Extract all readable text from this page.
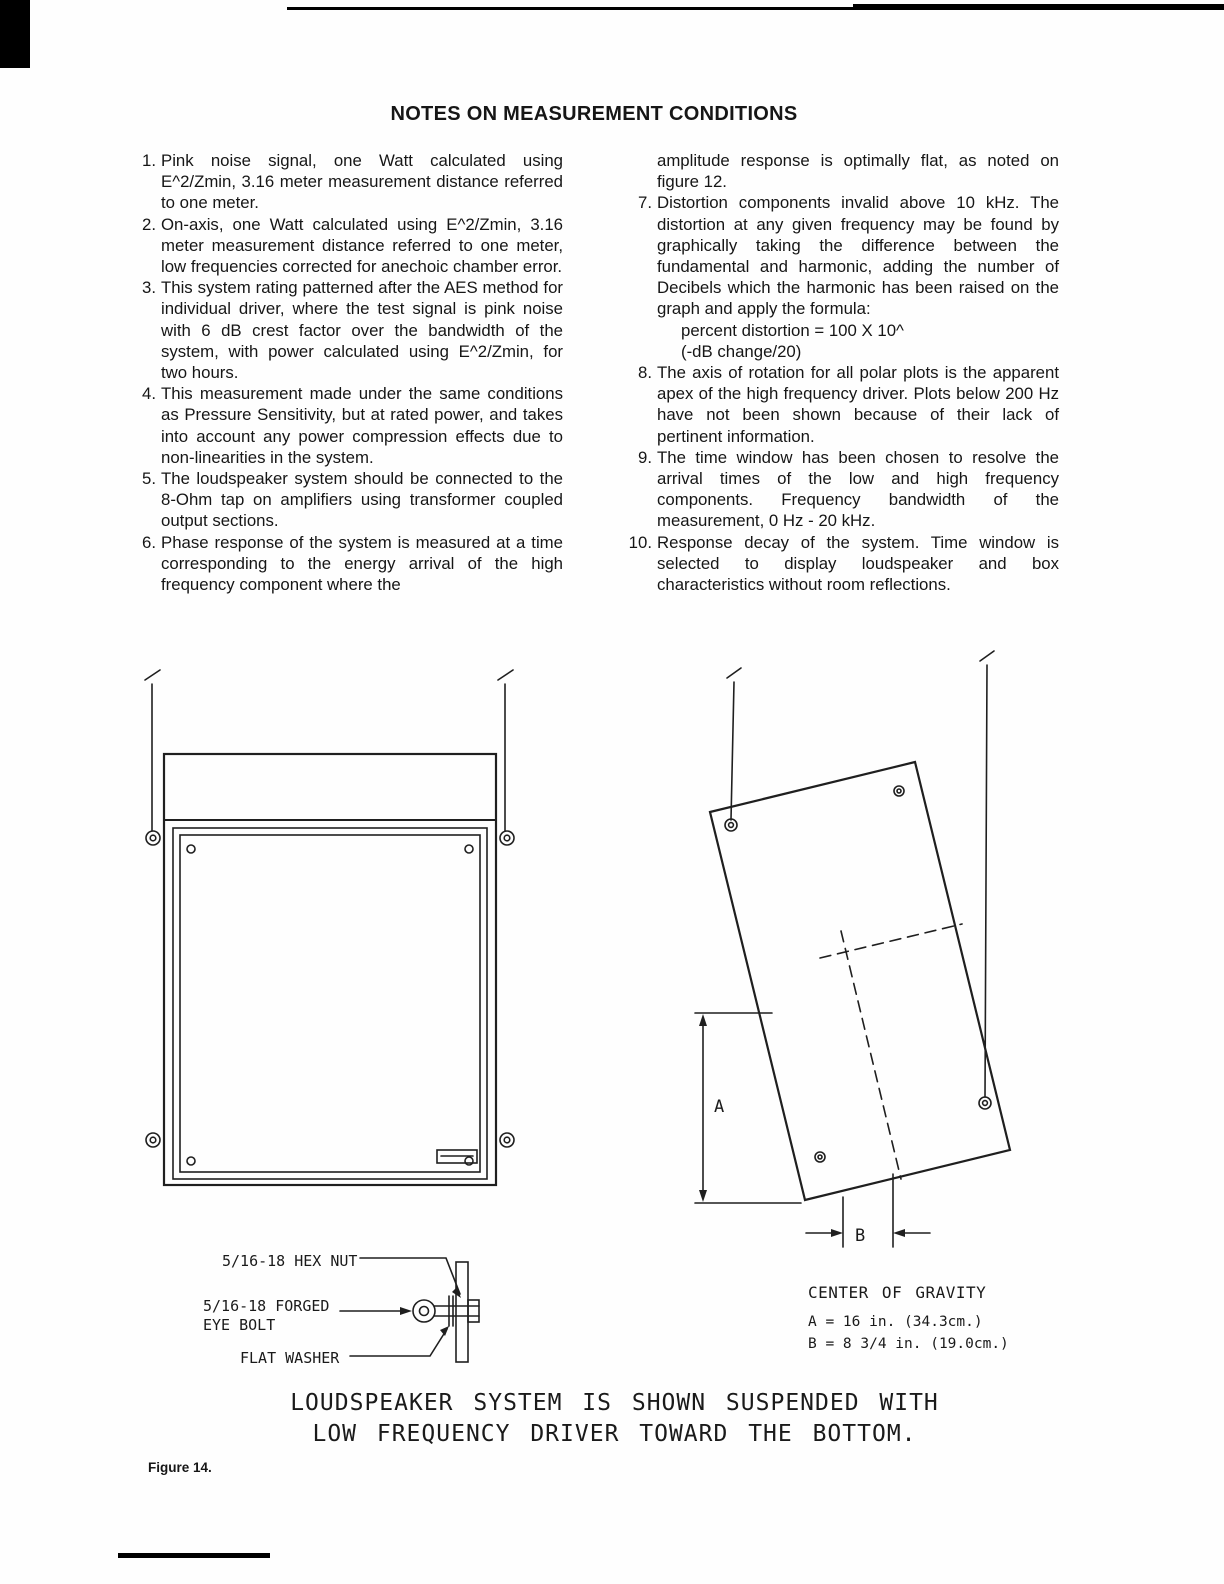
NOTES ON MEASUREMENT CONDITIONS
1. Pink noise signal, one Watt calculated using E^2/Zmin, 3.16 meter measurement distance referred to one meter.
2. On-axis, one Watt calculated using E^2/Zmin, 3.16 meter measurement distance referred to one meter, low frequencies corrected for anechoic chamber error.
3. This system rating patterned after the AES method for individual driver, where the test signal is pink noise with 6 dB crest factor over the bandwidth of the system, with power calculated using E^2/Zmin, for two hours.
4. This measurement made under the same conditions as Pressure Sensitivity, but at rated power, and takes into account any power compression effects due to non-linearities in the system.
5. The loudspeaker system should be connected to the 8-Ohm tap on amplifiers using transformer coupled output sections.
6. Phase response of the system is measured at a time corresponding to the energy arrival of the high frequency component where the
amplitude response is optimally flat, as noted on figure 12.
7. Distortion components invalid above 10 kHz. The distortion at any given frequency may be found by graphically taking the difference between the fundamental and harmonic, adding the number of Decibels which the harmonic has been raised on the graph and apply the formula:
percent distortion = 100 X 10^
(-dB change/20)
8. The axis of rotation for all polar plots is the apparent apex of the high frequency driver. Plots below 200 Hz have not been shown because of their lack of pertinent information.
9. The time window has been chosen to resolve the arrival times of the low and high frequency components. Frequency bandwidth of the measurement, 0 Hz - 20 kHz.
10. Response decay of the system. Time window is selected to display loudspeaker and box characteristics without room reflections.
A
B
5/16-18 HEX NUT
5/16-18 FORGED
EYE BOLT
FLAT WASHER
CENTER OF GRAVITY
A = 16 in. (34.3cm.)
B = 8 3/4 in. (19.0cm.)
LOUDSPEAKER SYSTEM IS SHOWN SUSPENDED WITH
LOW FREQUENCY DRIVER TOWARD THE BOTTOM.
Figure 14.
